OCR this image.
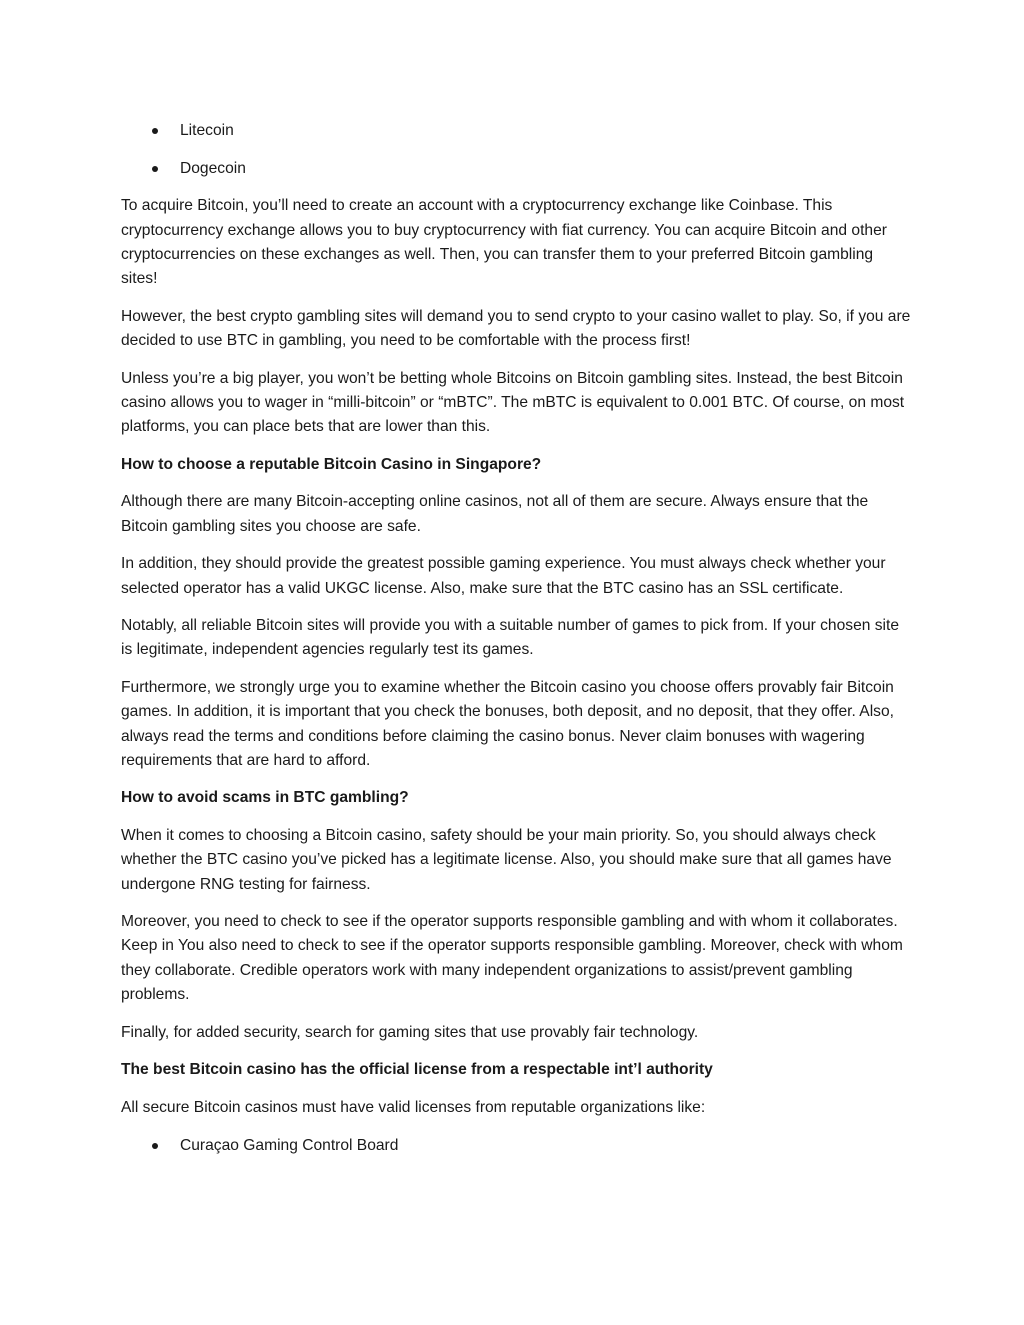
Litecoin
Dogecoin

To acquire Bitcoin, you’ll need to create an account with a cryptocurrency exchange like Coinbase. This cryptocurrency exchange allows you to buy cryptocurrency with fiat currency. You can acquire Bitcoin and other cryptocurrencies on these exchanges as well. Then, you can transfer them to your preferred Bitcoin gambling sites!

However, the best crypto gambling sites will demand you to send crypto to your casino wallet to play. So, if you are decided to use BTC in gambling, you need to be comfortable with the process first!

Unless you’re a big player, you won’t be betting whole Bitcoins on Bitcoin gambling sites. Instead, the best Bitcoin casino allows you to wager in “milli-bitcoin” or “mBTC”. The mBTC is equivalent to 0.001 BTC. Of course, on most platforms, you can place bets that are lower than this.

How to choose a reputable Bitcoin Casino in Singapore?

Although there are many Bitcoin-accepting online casinos, not all of them are secure. Always ensure that the Bitcoin gambling sites you choose are safe.

In addition, they should provide the greatest possible gaming experience. You must always check whether your selected operator has a valid UKGC license. Also, make sure that the BTC casino has an SSL certificate.

Notably, all reliable Bitcoin sites will provide you with a suitable number of games to pick from. If your chosen site is legitimate, independent agencies regularly test its games.

Furthermore, we strongly urge you to examine whether the Bitcoin casino you choose offers provably fair Bitcoin games. In addition, it is important that you check the bonuses, both deposit, and no deposit, that they offer. Also, always read the terms and conditions before claiming the casino bonus. Never claim bonuses with wagering requirements that are hard to afford.

How to avoid scams in BTC gambling?

When it comes to choosing a Bitcoin casino, safety should be your main priority. So, you should always check whether the BTC casino you’ve picked has a legitimate license. Also, you should make sure that all games have undergone RNG testing for fairness.

Moreover, you need to check to see if the operator supports responsible gambling and with whom it collaborates. Keep in You also need to check to see if the operator supports responsible gambling. Moreover, check with whom they collaborate. Credible operators work with many independent organizations to assist/prevent gambling problems.

Finally, for added security, search for gaming sites that use provably fair technology.

The best Bitcoin casino has the official license from a respectable int’l authority

All secure Bitcoin casinos must have valid licenses from reputable organizations like:

Curaçao Gaming Control Board
